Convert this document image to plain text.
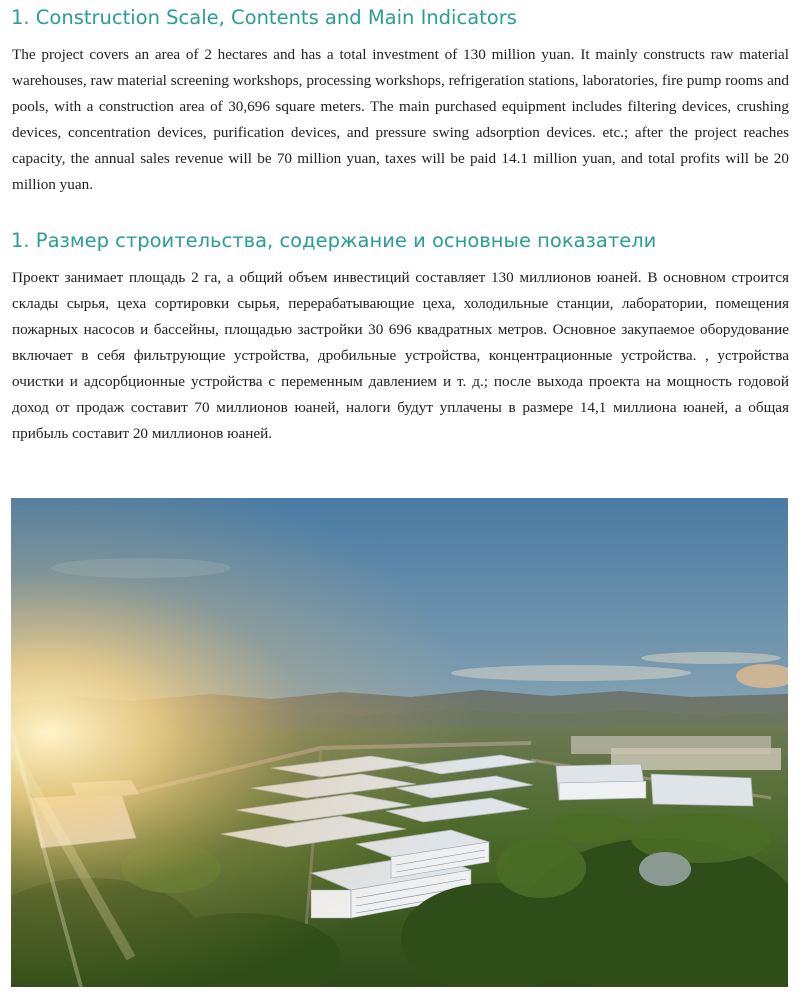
1. Construction Scale, Contents and Main Indicators

The project covers an area of 2 hectares and has a total investment of 130 million yuan. It mainly constructs raw material warehouses, raw material screening workshops, processing workshops, refrigeration stations, laboratories, fire pump rooms and pools, with a construction area of 30,696 square meters. The main purchased equipment includes filtering devices, crushing devices, concentration devices, purification devices, and pressure swing adsorption devices. etc.; after the project reaches capacity, the annual sales revenue will be 70 million yuan, taxes will be paid 14.1 million yuan, and total profits will be 20 million yuan.

1. Размер строительства, содержание и основные показатели

Проект занимает площадь 2 га, а общий объем инвестиций составляет 130 миллионов юаней. В основном строится склады сырья, цеха сортировки сырья, перерабатывающие цеха, холодильные станции, лаборатории, помещения пожарных насосов и бассейны, площадью застройки 30 696 квадратных метров. Основное закупаемое оборудование включает в себя фильтрующие устройства, дробильные устройства, концентрационные устройства. , устройства очистки и адсорбционные устройства с переменным давлением и т. д.; после выхода проекта на мощность годовой доход от продаж составит 70 миллионов юаней, налоги будут уплачены в размере 14,1 миллиона юаней, а общая прибыль составит 20 миллионов юаней.
